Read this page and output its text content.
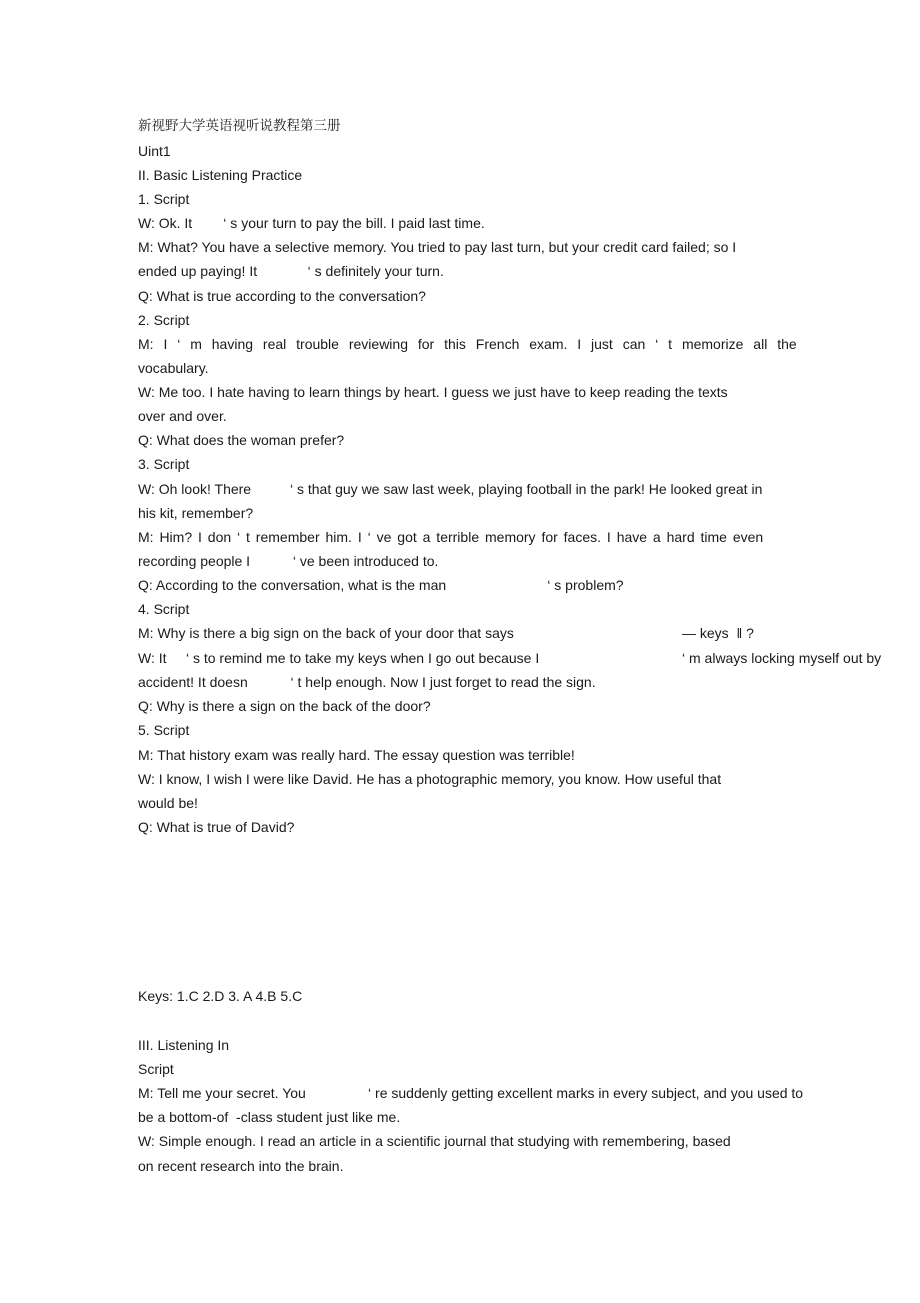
新视野大学英语视听说教程第三册
Uint1
II. Basic Listening Practice
1. Script
W: Ok. It        ‘ s your turn to pay the bill. I paid last time.
M: What? You have a selective memory. You tried to pay last turn, but your credit card failed; so I
ended up paying! It             ‘ s definitely your turn.
Q: What is true according to the conversation?
2. Script
M: I ‘ m having real trouble reviewing for this French exam. I just can ‘ t memorize all the
vocabulary.
W: Me too. I hate having to learn things by heart. I guess we just have to keep reading the texts
over and over.
Q: What does the woman prefer?
3. Script
W: Oh look! There          ‘ s that guy we saw last week, playing football in the park! He looked great in
his kit, remember?
M: Him? I don ‘ t remember him. I ‘ ve got a terrible memory for faces. I have a hard time even
recording people I           ‘ ve been introduced to.
Q: According to the conversation, what is the man                          ‘ s problem?
4. Script
M: Why is there a big sign on the back of your door that says	— keys  ‖ ?
W: It     ‘ s to remind me to take my keys when I go out because I	‘ m always locking myself out by
accident! It doesn           ‘ t help enough. Now I just forget to read the sign.
Q: Why is there a sign on the back of the door?
5. Script
M: That history exam was really hard. The essay question was terrible!
W: I know, I wish I were like David. He has a photographic memory, you know. How useful that
would be!
Q: What is true of David?
Keys: 1.C 2.D 3. A 4.B 5.C
III. Listening In
Script
M: Tell me your secret. You                ‘ re suddenly getting excellent marks in every subject, and you used to
be a bottom-of  -class student just like me.
W: Simple enough. I read an article in a scientific journal that studying with remembering, based
on recent research into the brain.
